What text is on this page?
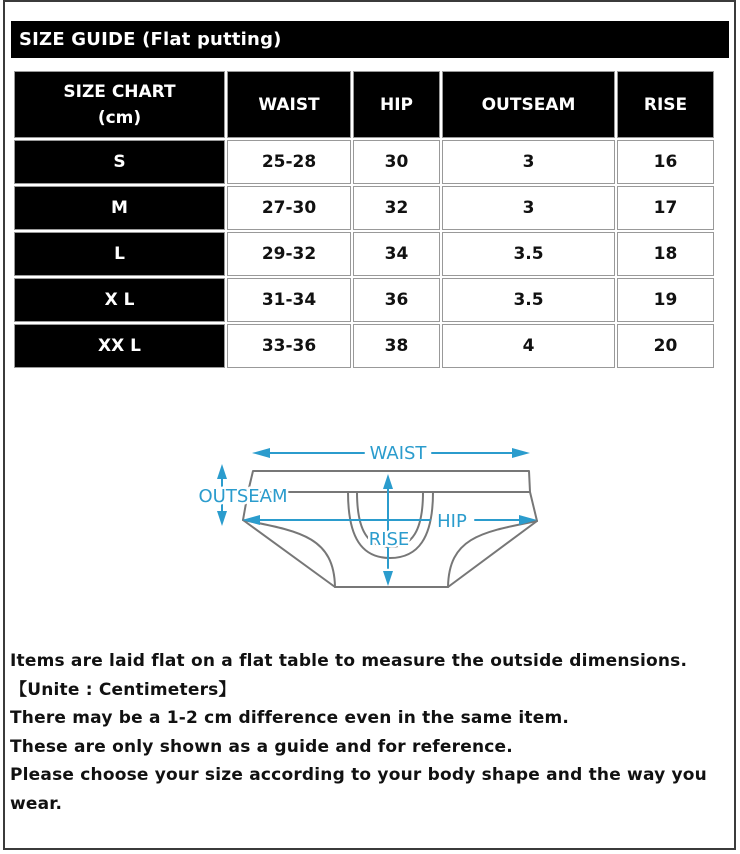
SIZE GUIDE (Flat putting)
SIZE CHART
(cm)	WAIST	HIP	OUTSEAM	RISE
S	25-28	30	3	16
M	27-30	32	3	17
L	29-32	34	3.5	18
X L	31-34	36	3.5	19
XX L	33-36	38	4	20
WAIST
OUTSEAM
HIP
RISE
Items are laid flat on a flat table to measure the outside dimensions.
【Unite : Centimeters】
There may be a 1-2 cm difference even in the same item.
These are only shown as a guide and for reference.
Please choose your size according to your body shape and the way you
wear.
